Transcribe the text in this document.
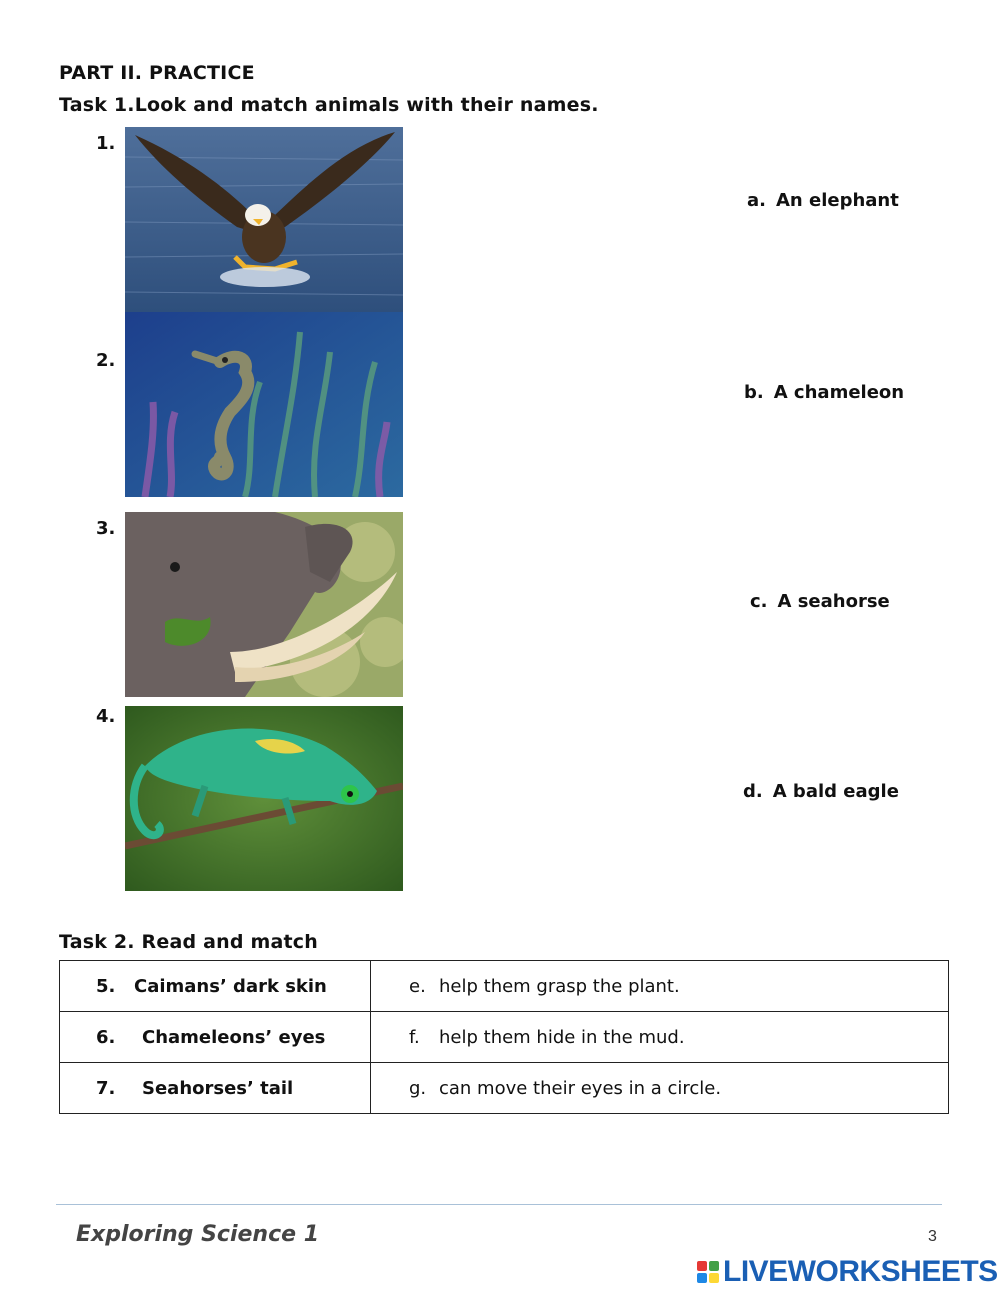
PART II. PRACTICE
Task 1.Look and match animals with their names.
1.
2.
3.
4.
a. An elephant
b. A chameleon
c. A seahorse
d. A bald eagle
Task 2. Read and match
5. Caimans’ dark skin	e. help them grasp the plant.
6. Chameleons’ eyes	f. help them hide in the mud.
7. Seahorses’ tail	g. can move their eyes in a circle.
Exploring Science 1	3
LIVEWORKSHEETS
